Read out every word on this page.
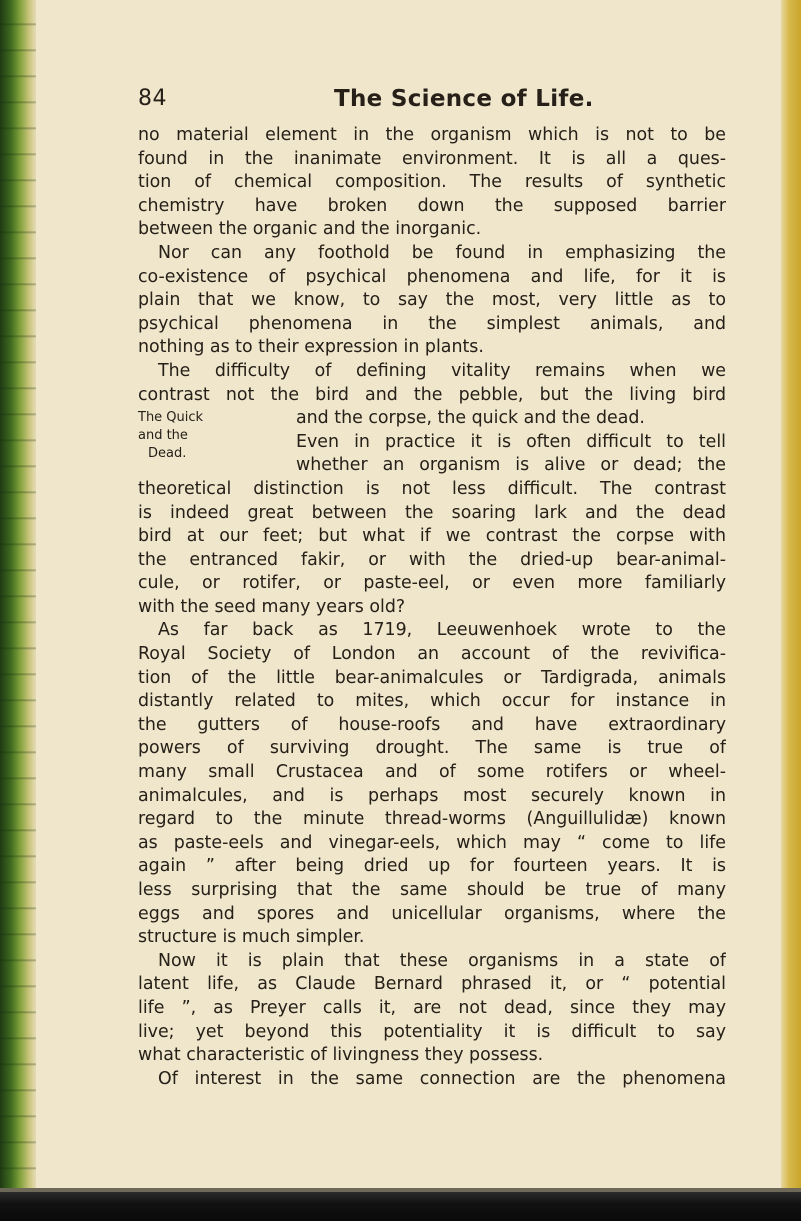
84	The Science of Life.
The Quick
and the
Dead.
no material element in the organism which is not to be
found in the inanimate environment. It is all a ques-
tion of chemical composition. The results of synthetic
chemistry have broken down the supposed barrier
between the organic and the inorganic.
Nor can any foothold be found in emphasizing the
co-existence of psychical phenomena and life, for it is
plain that we know, to say the most, very little as to
psychical phenomena in the simplest animals, and
nothing as to their expression in plants.
The difficulty of defining vitality remains when we
contrast not the bird and the pebble, but the living bird
and the corpse, the quick and the dead.
Even in practice it is often difficult to tell
whether an organism is alive or dead; the
theoretical distinction is not less difficult. The contrast
is indeed great between the soaring lark and the dead
bird at our feet; but what if we contrast the corpse with
the entranced fakir, or with the dried-up bear-animal-
cule, or rotifer, or paste-eel, or even more familiarly
with the seed many years old?
As far back as 1719, Leeuwenhoek wrote to the
Royal Society of London an account of the revivifica-
tion of the little bear-animalcules or Tardigrada, animals
distantly related to mites, which occur for instance in
the gutters of house-roofs and have extraordinary
powers of surviving drought. The same is true of
many small Crustacea and of some rotifers or wheel-
animalcules, and is perhaps most securely known in
regard to the minute thread-worms (Anguillulidæ) known
as paste-eels and vinegar-eels, which may “ come to life
again ” after being dried up for fourteen years. It is
less surprising that the same should be true of many
eggs and spores and unicellular organisms, where the
structure is much simpler.
Now it is plain that these organisms in a state of
latent life, as Claude Bernard phrased it, or “ potential
life ”, as Preyer calls it, are not dead, since they may
live; yet beyond this potentiality it is difficult to say
what characteristic of livingness they possess.
Of interest in the same connection are the phenomena
